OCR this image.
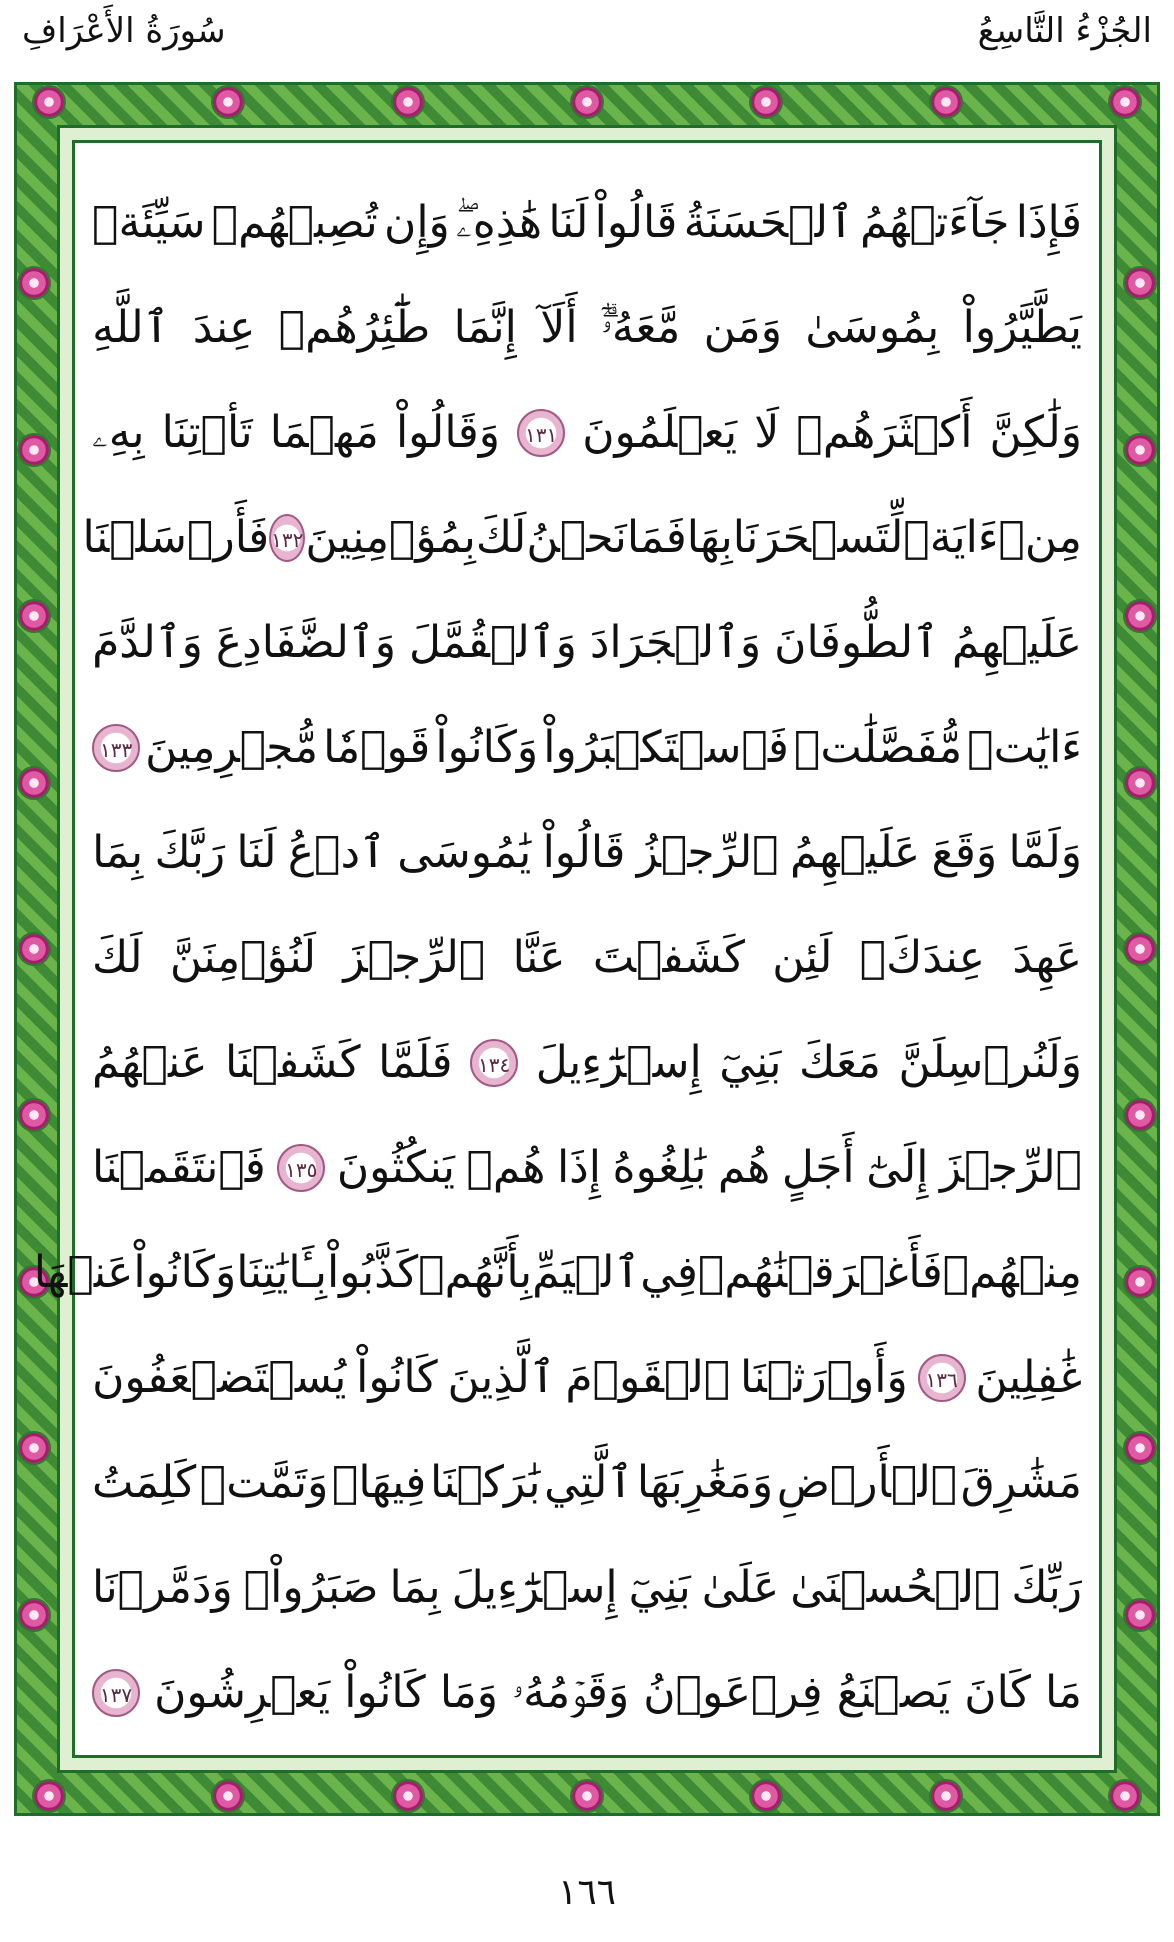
الجُزْءُ التَّاسِعُ
سُورَةُ الأَعْرَافِ
فَإِذَا
جَآءَتۡهُمُ
ٱلۡحَسَنَةُ
قَالُواْ
لَنَا
هَٰذِهِۦۖ
وَإِن
تُصِبۡهُمۡ
سَيِّئَةٞ
يَطَّيَّرُواْ
بِمُوسَىٰ
وَمَن
مَّعَهُۥٓۗ
أَلَآ
إِنَّمَا
طَٰٓئِرُهُمۡ
عِندَ
ٱللَّهِ
وَلَٰكِنَّ
أَكۡثَرَهُمۡ
لَا
يَعۡلَمُونَ
١٣١
وَقَالُواْ
مَهۡمَا
تَأۡتِنَا
بِهِۦ
مِنۡ
ءَايَةٖ
لِّتَسۡحَرَنَا
بِهَا
فَمَا
نَحۡنُ
لَكَ
بِمُؤۡمِنِينَ
١٣٢
فَأَرۡسَلۡنَا
عَلَيۡهِمُ
ٱلطُّوفَانَ
وَٱلۡجَرَادَ
وَٱلۡقُمَّلَ
وَٱلضَّفَادِعَ
وَٱلدَّمَ
ءَايَٰتٖ
مُّفَصَّلَٰتٖ
فَٱسۡتَكۡبَرُواْ
وَكَانُواْ
قَوۡمٗا
مُّجۡرِمِينَ
١٣٣
وَلَمَّا
وَقَعَ
عَلَيۡهِمُ
ٱلرِّجۡزُ
قَالُواْ
يَٰمُوسَى
ٱدۡعُ
لَنَا
رَبَّكَ
بِمَا
عَهِدَ
عِندَكَۖ
لَئِن
كَشَفۡتَ
عَنَّا
ٱلرِّجۡزَ
لَنُؤۡمِنَنَّ
لَكَ
وَلَنُرۡسِلَنَّ
مَعَكَ
بَنِيٓ
إِسۡرَٰٓءِيلَ
١٣٤
فَلَمَّا
كَشَفۡنَا
عَنۡهُمُ
ٱلرِّجۡزَ
إِلَىٰٓ
أَجَلٍ
هُم
بَٰلِغُوهُ
إِذَا
هُمۡ
يَنكُثُونَ
١٣٥
فَٱنتَقَمۡنَا
مِنۡهُمۡ
فَأَغۡرَقۡنَٰهُمۡ
فِي
ٱلۡيَمِّ
بِأَنَّهُمۡ
كَذَّبُواْ
بِـَٔايَٰتِنَا
وَكَانُواْ
عَنۡهَا
غَٰفِلِينَ
١٣٦
وَأَوۡرَثۡنَا
ٱلۡقَوۡمَ
ٱلَّذِينَ
كَانُواْ
يُسۡتَضۡعَفُونَ
مَشَٰرِقَ
ٱلۡأَرۡضِ
وَمَغَٰرِبَهَا
ٱلَّتِي
بَٰرَكۡنَا
فِيهَاۖ
وَتَمَّتۡ
كَلِمَتُ
رَبِّكَ
ٱلۡحُسۡنَىٰ
عَلَىٰ
بَنِيٓ
إِسۡرَٰٓءِيلَ
بِمَا
صَبَرُواْۖ
وَدَمَّرۡنَا
مَا
كَانَ
يَصۡنَعُ
فِرۡعَوۡنُ
وَقَوۡمُهُۥ
وَمَا
كَانُواْ
يَعۡرِشُونَ
١٣٧
١٦٦
